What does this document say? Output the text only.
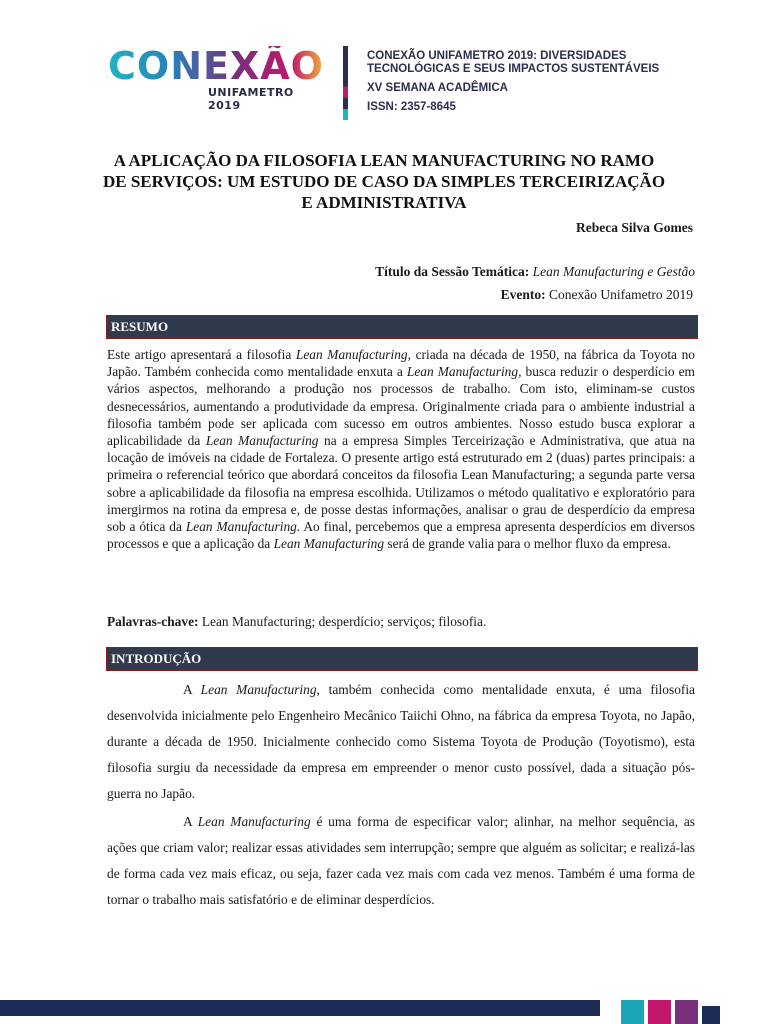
CONEXÃO
UNIFAMETRO 2019
CONEXÃO UNIFAMETRO 2019: DIVERSIDADES
TECNOLÓGICAS E SEUS IMPACTOS SUSTENTÁVEIS
XV SEMANA ACADÊMICA
ISSN: 2357-8645
A APLICAÇÃO DA FILOSOFIA LEAN MANUFACTURING NO RAMO DE SERVIÇOS: UM ESTUDO DE CASO DA SIMPLES TERCEIRIZAÇÃO E ADMINISTRATIVA
Rebeca Silva Gomes
Título da Sessão Temática: Lean Manufacturing e Gestão
Evento: Conexão Unifametro 2019
RESUMO
Este artigo apresentará a filosofia Lean Manufacturing, criada na década de 1950, na fábrica da Toyota no Japão. Também conhecida como mentalidade enxuta a Lean Manufacturing, busca reduzir o desperdício em vários aspectos, melhorando a produção nos processos de trabalho. Com isto, eliminam-se custos desnecessários, aumentando a produtividade da empresa. Originalmente criada para o ambiente industrial a filosofia também pode ser aplicada com sucesso em outros ambientes. Nosso estudo busca explorar a aplicabilidade da Lean Manufacturing na a empresa Simples Terceirização e Administrativa, que atua na locação de imóveis na cidade de Fortaleza. O presente artigo está estruturado em 2 (duas) partes principais: a primeira o referencial teórico que abordará conceitos da filosofia Lean Manufacturing; a segunda parte versa sobre a aplicabilidade da filosofia na empresa escolhida. Utilizamos o método qualitativo e exploratório para imergirmos na rotina da empresa e, de posse destas informações, analisar o grau de desperdício da empresa sob a ótica da Lean Manufacturing. Ao final, percebemos que a empresa apresenta desperdícios em diversos processos e que a aplicação da Lean Manufacturing será de grande valia para o melhor fluxo da empresa.
Palavras-chave: Lean Manufacturing; desperdício; serviços; filosofia.
INTRODUÇÃO
A Lean Manufacturing, também conhecida como mentalidade enxuta, é uma filosofia desenvolvida inicialmente pelo Engenheiro Mecânico Taiichi Ohno, na fábrica da empresa Toyota, no Japão, durante a década de 1950. Inicialmente conhecido como Sistema Toyota de Produção (Toyotismo), esta filosofia surgiu da necessidade da empresa em empreender o menor custo possível, dada a situação pós-guerra no Japão.
A Lean Manufacturing é uma forma de especificar valor; alinhar, na melhor sequência, as ações que criam valor; realizar essas atividades sem interrupção; sempre que alguém as solicitar; e realizá-las de forma cada vez mais eficaz, ou seja, fazer cada vez mais com cada vez menos. Também é uma forma de tornar o trabalho mais satisfatório e de eliminar desperdícios.
